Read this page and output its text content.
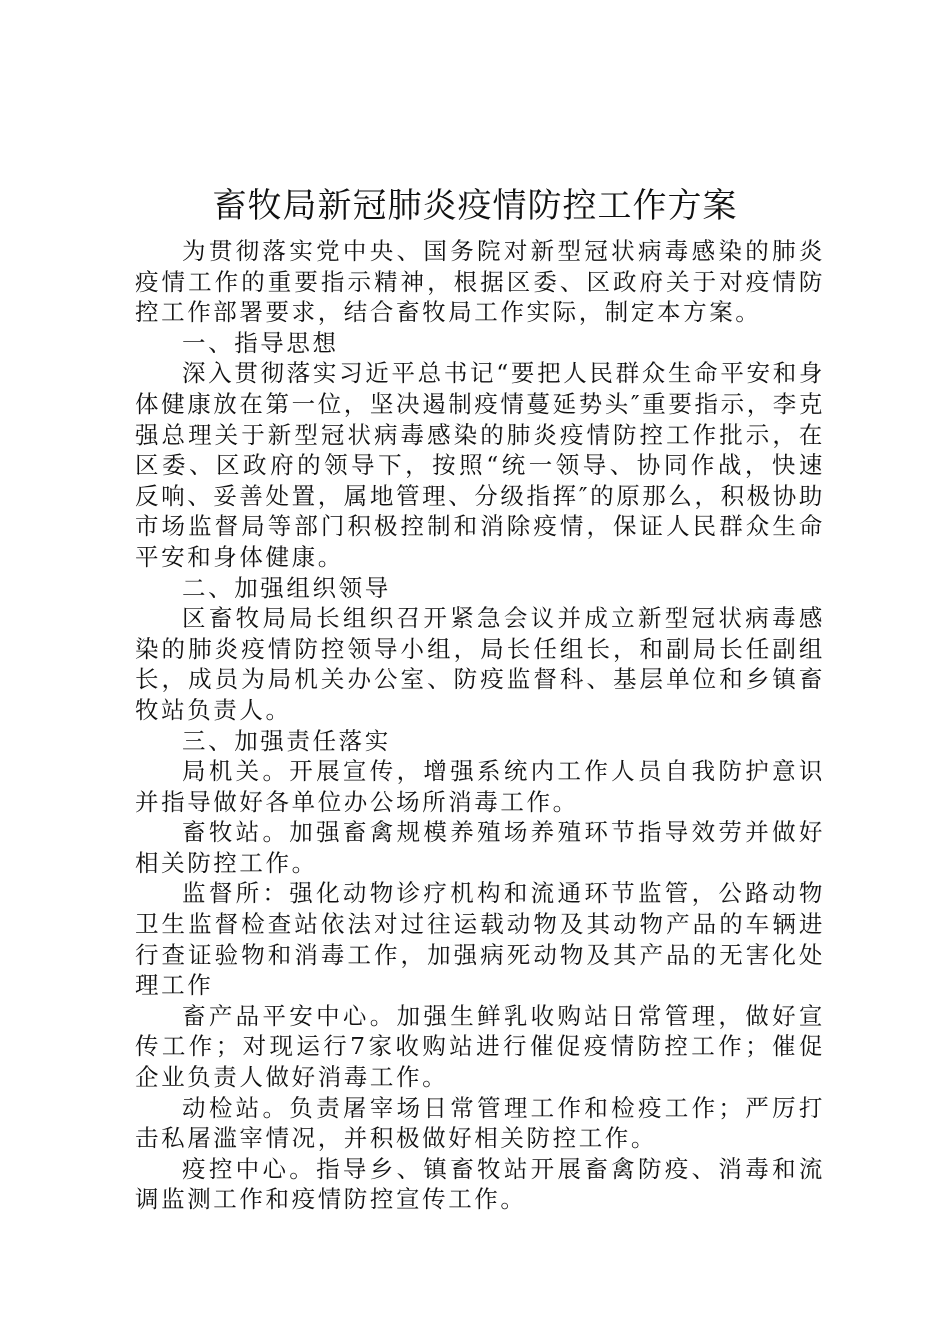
畜牧局新冠肺炎疫情防控工作方案

为贯彻落实党中央、国务院对新型冠状病毒感染的肺炎疫情工作的重要指示精神，根据区委、区政府关于对疫情防控工作部署要求，结合畜牧局工作实际，制定本方案。

一、指导思想

深入贯彻落实习近平总书记“要把人民群众生命平安和身体健康放在第一位，坚决遏制疫情蔓延势头″重要指示，李克强总理关于新型冠状病毒感染的肺炎疫情防控工作批示，在区委、区政府的领导下，按照“统一领导、协同作战，快速反响、妥善处置，属地管理、分级指挥″的原那么，积极协助市场监督局等部门积极控制和消除疫情，保证人民群众生命平安和身体健康。

二、加强组织领导

区畜牧局局长组织召开紧急会议并成立新型冠状病毒感染的肺炎疫情防控领导小组，局长任组长，和副局长任副组长，成员为局机关办公室、防疫监督科、基层单位和乡镇畜牧站负责人。

三、加强责任落实

局机关。开展宣传，增强系统内工作人员自我防护意识并指导做好各单位办公场所消毒工作。

畜牧站。加强畜禽规模养殖场养殖环节指导效劳并做好相关防控工作。

监督所：强化动物诊疗机构和流通环节监管，公路动物卫生监督检查站依法对过往运载动物及其动物产品的车辆进行查证验物和消毒工作，加强病死动物及其产品的无害化处理工作

畜产品平安中心。加强生鲜乳收购站日常管理，做好宣传工作；对现运行7家收购站进行催促疫情防控工作；催促企业负责人做好消毒工作。

动检站。负责屠宰场日常管理工作和检疫工作；严厉打击私屠滥宰情况，并积极做好相关防控工作。

疫控中心。指导乡、镇畜牧站开展畜禽防疫、消毒和流调监测工作和疫情防控宣传工作。
